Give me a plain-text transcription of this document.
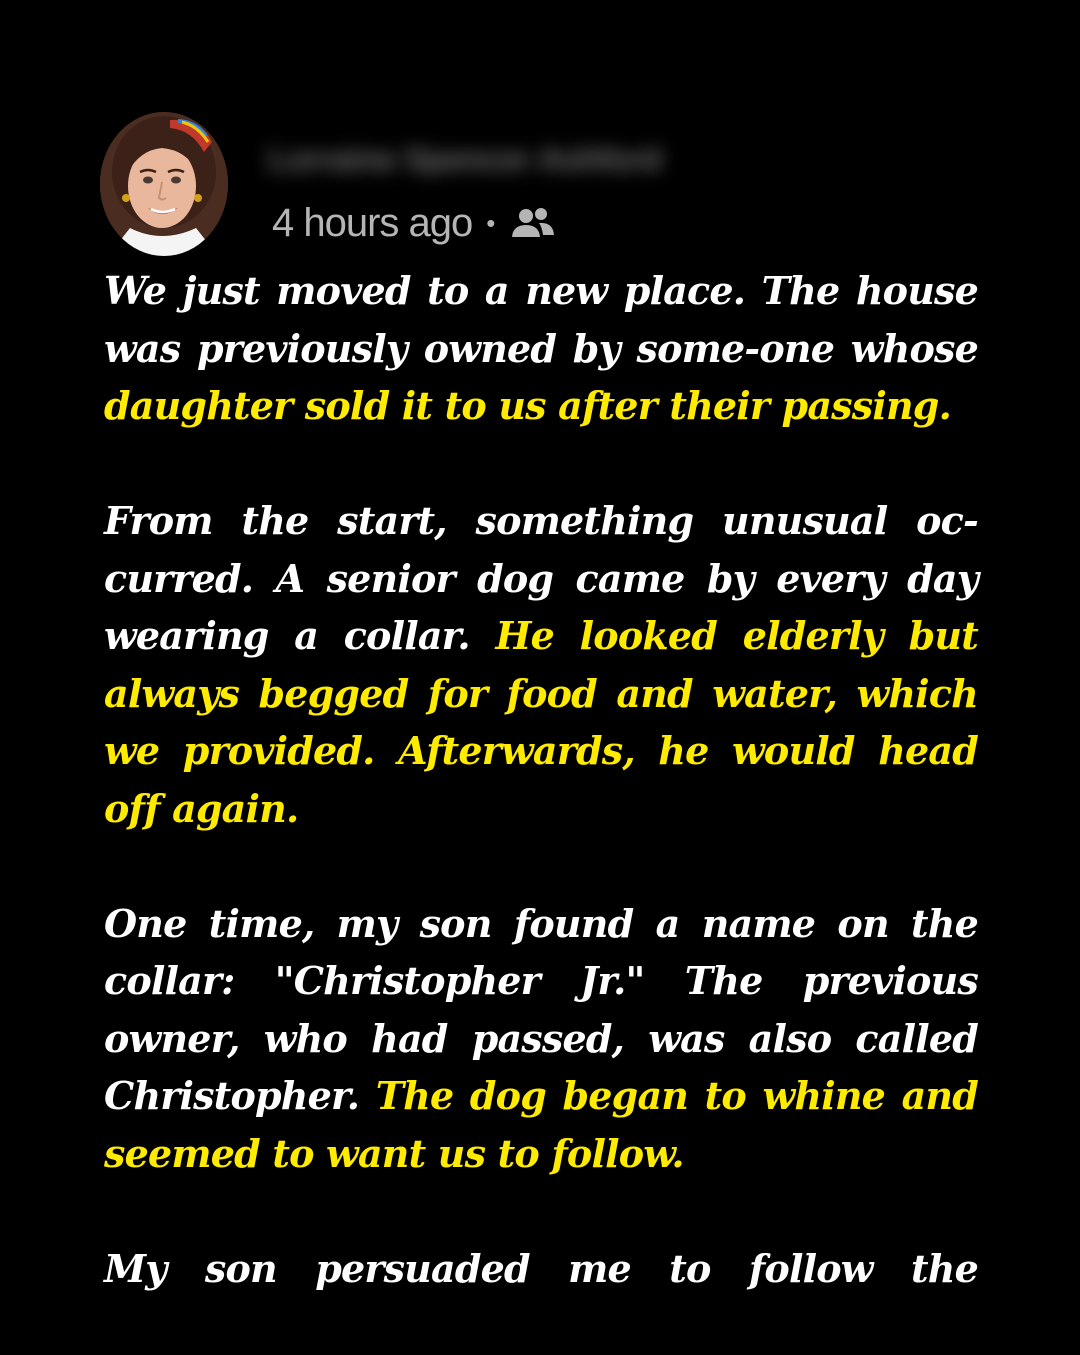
Lorraine Spencer Ashford
4 hours ago •

We just moved to a new place. The house was previously owned by some-one whose daughter sold it to us after their passing.

From the start, something unusual oc-curred. A senior dog came by every day wearing a collar. He looked elderly but always begged for food and water, which we provided. Afterwards, he would head off again.

One time, my son found a name on the collar: "Christopher Jr." The previous owner, who had passed, was also called Christopher. The dog began to whine and seemed to want us to follow.

My son persuaded me to follow the
